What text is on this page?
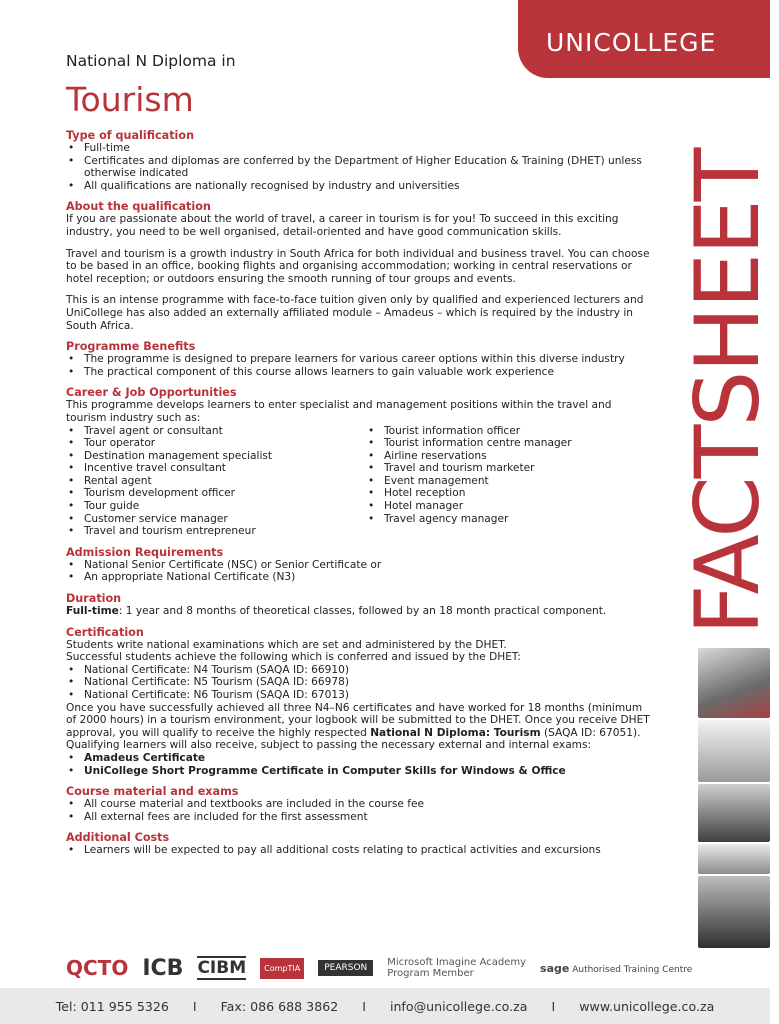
UNICOLLEGE
National N Diploma in
Tourism
FACTSHEET
Type of qualification
• Full-time
• Certificates and diplomas are conferred by the Department of Higher Education & Training (DHET) unless otherwise indicated
• All qualifications are nationally recognised by industry and universities
About the qualification

If you are passionate about the world of travel, a career in tourism is for you! To succeed in this exciting industry, you need to be well organised, detail-oriented and have good communication skills.

Travel and tourism is a growth industry in South Africa for both individual and business travel. You can choose to be based in an office, booking flights and organising accommodation; working in central reservations or hotel reception; or outdoors ensuring the smooth running of tour groups and events.

This is an intense programme with face-to-face tuition given only by qualified and experienced lecturers and UniCollege has also added an externally affiliated module – Amadeus – which is required by the industry in South Africa.

Programme Benefits
• The programme is designed to prepare learners for various career options within this diverse industry
• The practical component of this course allows learners to gain valuable work experience
Career & Job Opportunities

This programme develops learners to enter specialist and management positions within the travel and tourism industry such as:

• Travel agent or consultant
• Tour operator
• Destination management specialist
• Incentive travel consultant
• Rental agent
• Tourism development officer
• Tour guide
• Customer service manager
• Travel and tourism entrepreneur
• Tourist information officer
• Tourist information centre manager
• Airline reservations
• Travel and tourism marketer
• Event management
• Hotel reception
• Hotel manager
• Travel agency manager
Admission Requirements
• National Senior Certificate (NSC) or Senior Certificate or
• An appropriate National Certificate (N3)
Duration

Full-time: 1 year and 8 months of theoretical classes, followed by an 18 month practical component.

Certification

Students write national examinations which are set and administered by the DHET.

Successful students achieve the following which is conferred and issued by the DHET:

• National Certificate: N4 Tourism (SAQA ID: 66910)
• National Certificate: N5 Tourism (SAQA ID: 66978)
• National Certificate: N6 Tourism (SAQA ID: 67013)

Once you have successfully achieved all three N4–N6 certificates and have worked for 18 months (minimum of 2000 hours) in a tourism environment, your logbook will be submitted to the DHET. Once you receive DHET approval, you will qualify to receive the highly respected National N Diploma: Tourism (SAQA ID: 67051).

Qualifying learners will also receive, subject to passing the necessary external and internal exams:

• Amadeus Certificate
• UniCollege Short Programme Certificate in Computer Skills for Windows & Office
Course material and exams
• All course material and textbooks are included in the course fee
• All external fees are included for the first assessment
Additional Costs
• Learners will be expected to pay all additional costs relating to practical activities and excursions
QCTO ICB CIBM	CompTIA	PEARSON	Microsoft Imagine Academy
Program Member	sage Authorised Training Centre
Tel: 011 955 5326 I Fax: 086 688 3862 I info@unicollege.co.za I www.unicollege.co.za
